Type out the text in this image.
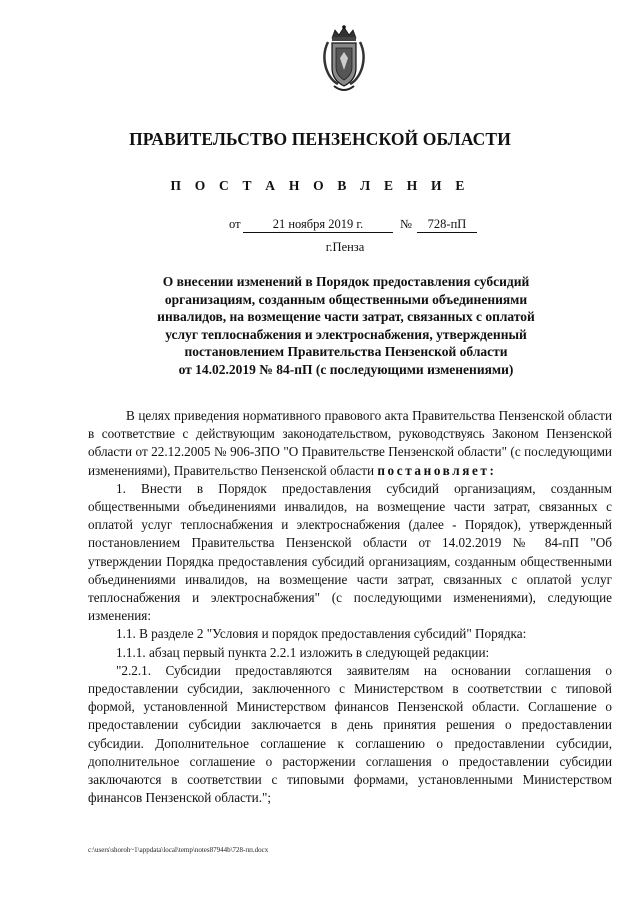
ПРАВИТЕЛЬСТВО ПЕНЗЕНСКОЙ ОБЛАСТИ
П О С Т А Н О В Л Е Н И Е
от	21 ноября 2019 г.	№	728-пП
г.Пенза
О внесении изменений в Порядок предоставления субсидий
организациям, созданным общественными объединениями
инвалидов, на возмещение части затрат, связанных с оплатой
услуг теплоснабжения и электроснабжения, утвержденный
постановлением Правительства Пензенской области
от 14.02.2019 № 84-пП (с последующими изменениями)

В целях приведения нормативного правового акта Правительства Пензенской области в соответствие с действующим законодательством, руководствуясь Законом Пензенской области от 22.12.2005 № 906-ЗПО "О Правительстве Пензенской области" (с последующими изменениями), Правительство Пензенской области постановляет:

1. Внести в Порядок предоставления субсидий организациям, созданным общественными объединениями инвалидов, на возмещение части затрат, связанных с оплатой услуг теплоснабжения и электроснабжения (далее - Порядок), утвержденный постановлением Правительства Пензенской области от 14.02.2019 № 84-пП "Об утверждении Порядка предоставления субсидий организациям, созданным общественными объединениями инвалидов, на возмещение части затрат, связанных с оплатой услуг теплоснабжения и электроснабжения" (с последующими изменениями), следующие изменения:

1.1. В разделе 2 "Условия и порядок предоставления субсидий" Порядка:

1.1.1. абзац первый пункта 2.2.1 изложить в следующей редакции:

"2.2.1. Субсидии предоставляются заявителям на основании соглашения о предоставлении субсидии, заключенного с Министерством в соответствии с типовой формой, установленной Министерством финансов Пензенской области. Соглашение о предоставлении субсидии заключается в день принятия решения о предоставлении субсидии. Дополнительное соглашение к соглашению о предоставлении субсидии, дополнительное соглашение о расторжении соглашения о предоставлении субсидии заключаются в соответствии с типовыми формами, установленными Министерством финансов Пензенской области.";

c:\users\shoroh~1\appdata\local\temp\notes87944b\728-пп.docx
